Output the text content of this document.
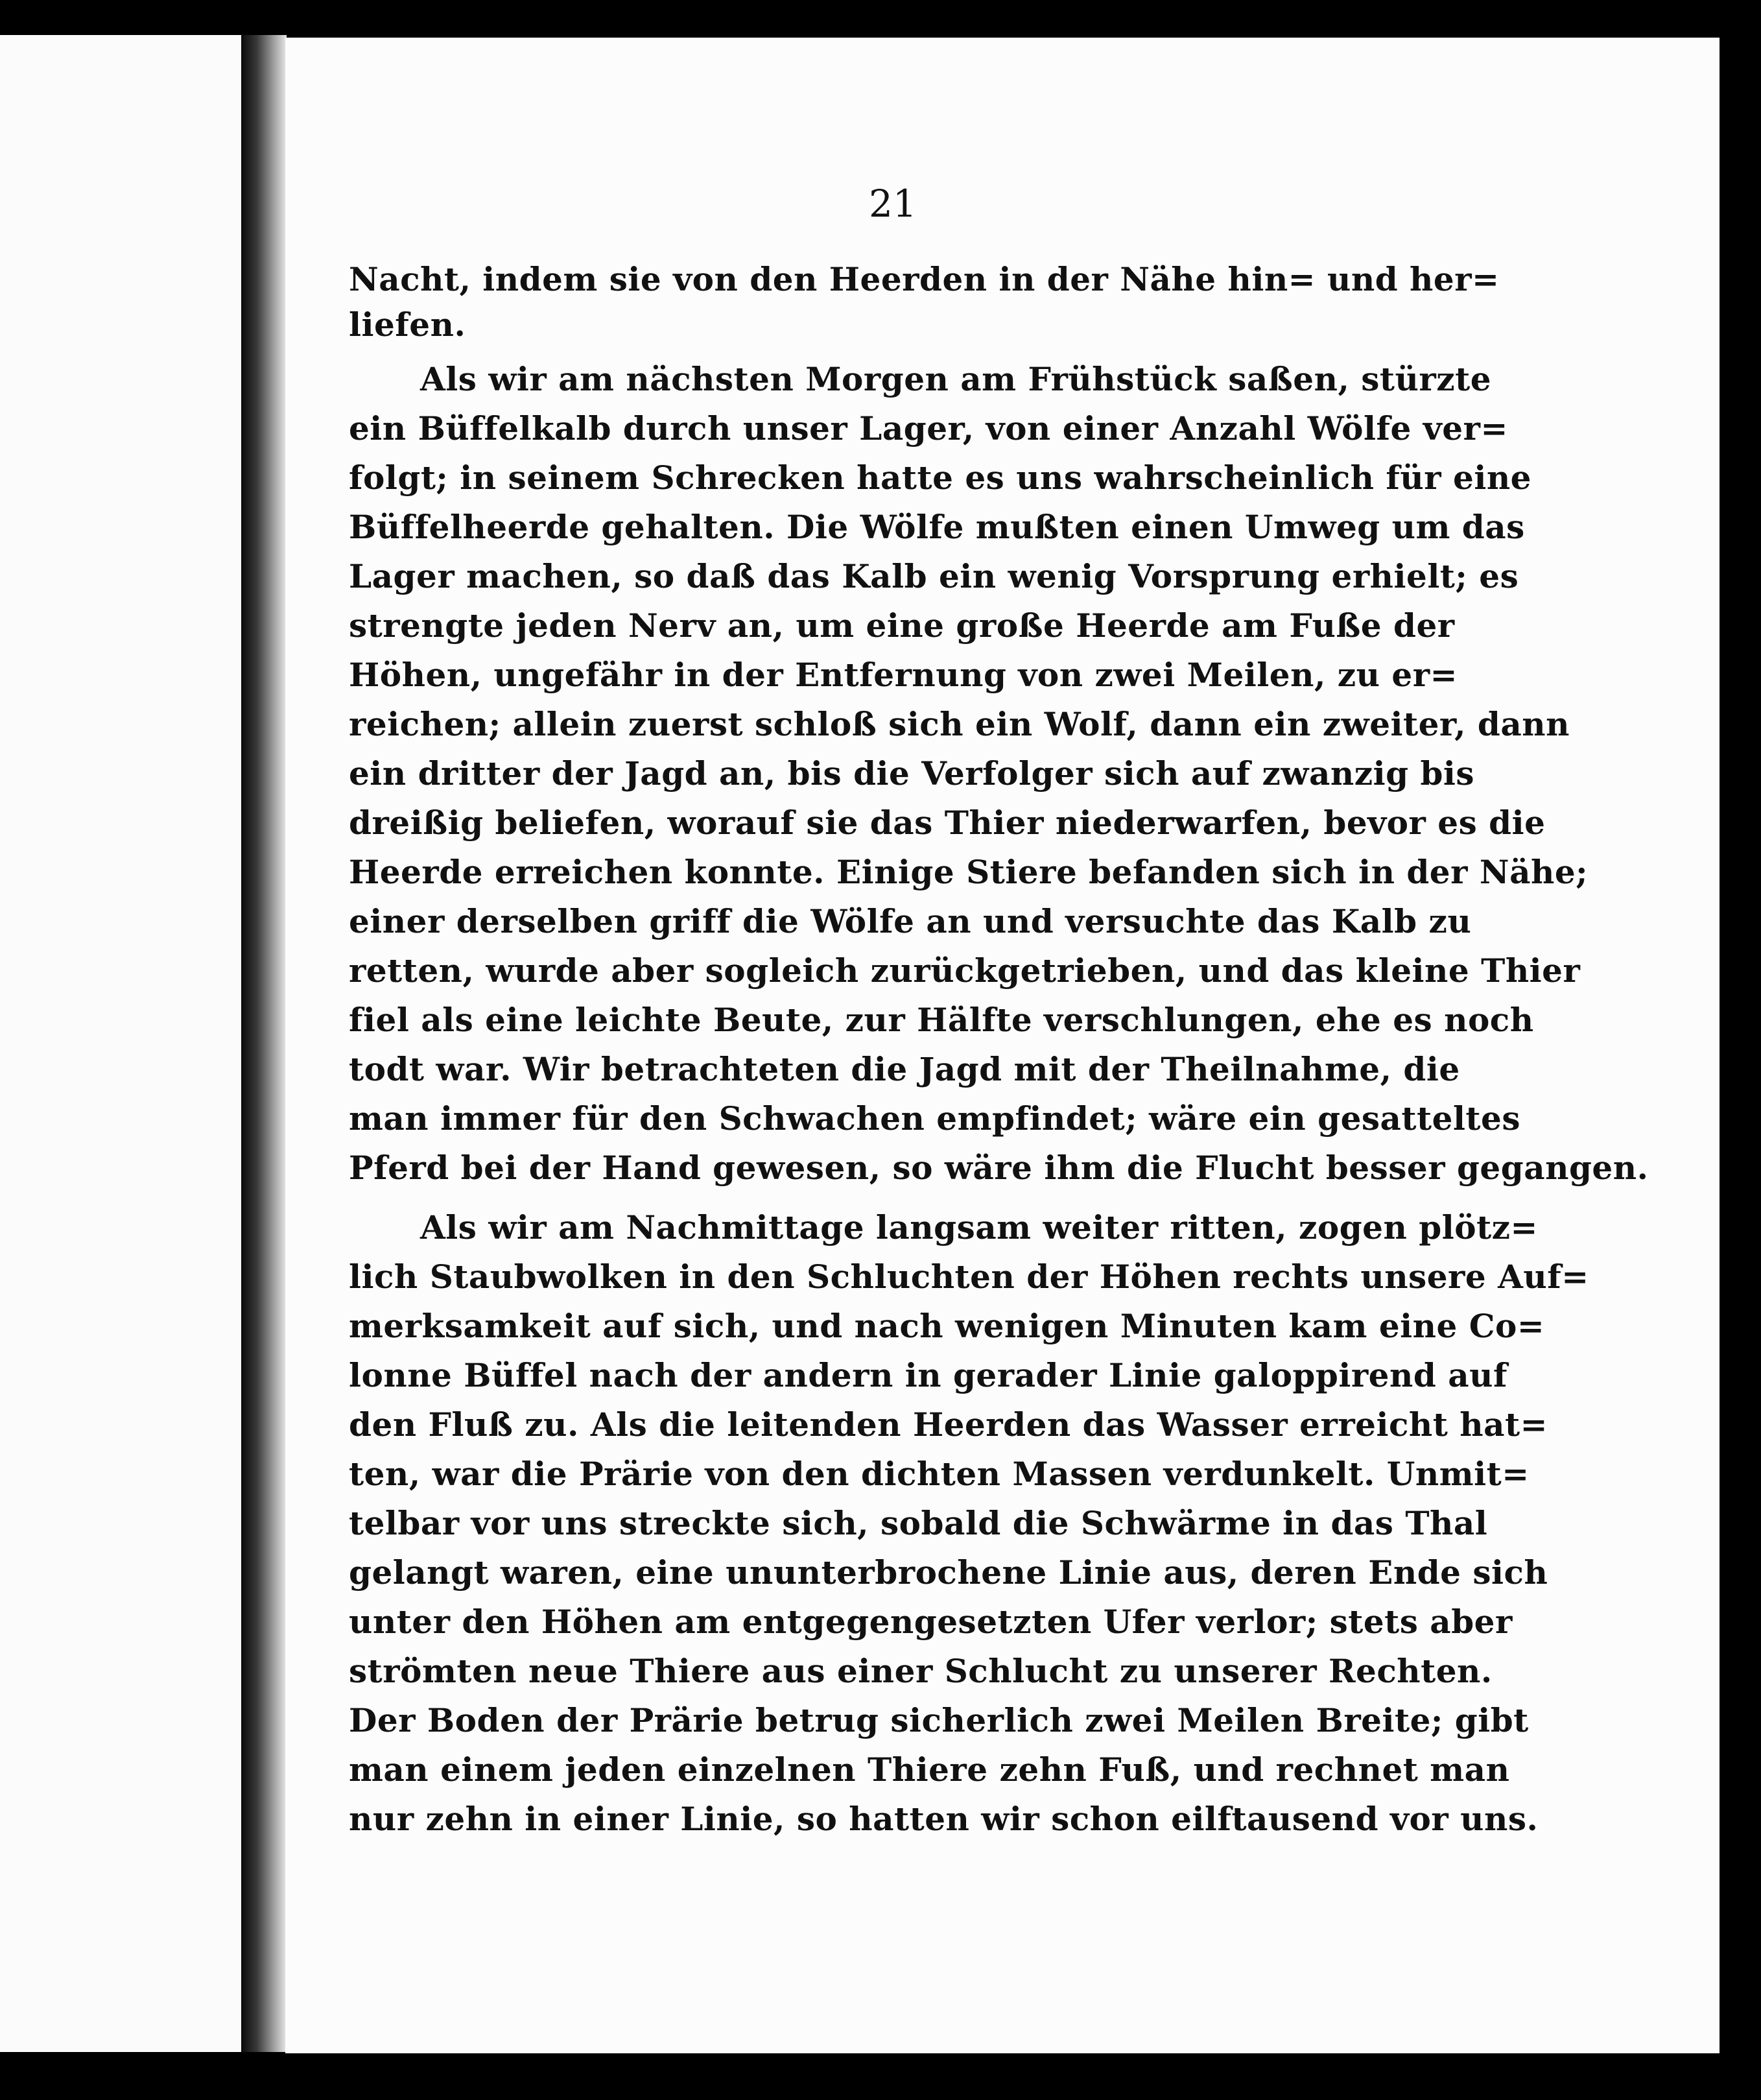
21
Nacht, indem sie von den Heerden in der Nähe hin= und her=
liefen.
Als wir am nächsten Morgen am Frühstück saßen, stürzte
ein Büffelkalb durch unser Lager, von einer Anzahl Wölfe ver=
folgt; in seinem Schrecken hatte es uns wahrscheinlich für eine
Büffelheerde gehalten. Die Wölfe mußten einen Umweg um das
Lager machen, so daß das Kalb ein wenig Vorsprung erhielt; es
strengte jeden Nerv an, um eine große Heerde am Fuße der
Höhen, ungefähr in der Entfernung von zwei Meilen, zu er=
reichen; allein zuerst schloß sich ein Wolf, dann ein zweiter, dann
ein dritter der Jagd an, bis die Verfolger sich auf zwanzig bis
dreißig beliefen, worauf sie das Thier niederwarfen, bevor es die
Heerde erreichen konnte. Einige Stiere befanden sich in der Nähe;
einer derselben griff die Wölfe an und versuchte das Kalb zu
retten, wurde aber sogleich zurückgetrieben, und das kleine Thier
fiel als eine leichte Beute, zur Hälfte verschlungen, ehe es noch
todt war. Wir betrachteten die Jagd mit der Theilnahme, die
man immer für den Schwachen empfindet; wäre ein gesatteltes
Pferd bei der Hand gewesen, so wäre ihm die Flucht besser gegangen.
Als wir am Nachmittage langsam weiter ritten, zogen plötz=
lich Staubwolken in den Schluchten der Höhen rechts unsere Auf=
merksamkeit auf sich, und nach wenigen Minuten kam eine Co=
lonne Büffel nach der andern in gerader Linie galoppirend auf
den Fluß zu. Als die leitenden Heerden das Wasser erreicht hat=
ten, war die Prärie von den dichten Massen verdunkelt. Unmit=
telbar vor uns streckte sich, sobald die Schwärme in das Thal
gelangt waren, eine ununterbrochene Linie aus, deren Ende sich
unter den Höhen am entgegengesetzten Ufer verlor; stets aber
strömten neue Thiere aus einer Schlucht zu unserer Rechten.
Der Boden der Prärie betrug sicherlich zwei Meilen Breite; gibt
man einem jeden einzelnen Thiere zehn Fuß, und rechnet man
nur zehn in einer Linie, so hatten wir schon eilftausend vor uns.
